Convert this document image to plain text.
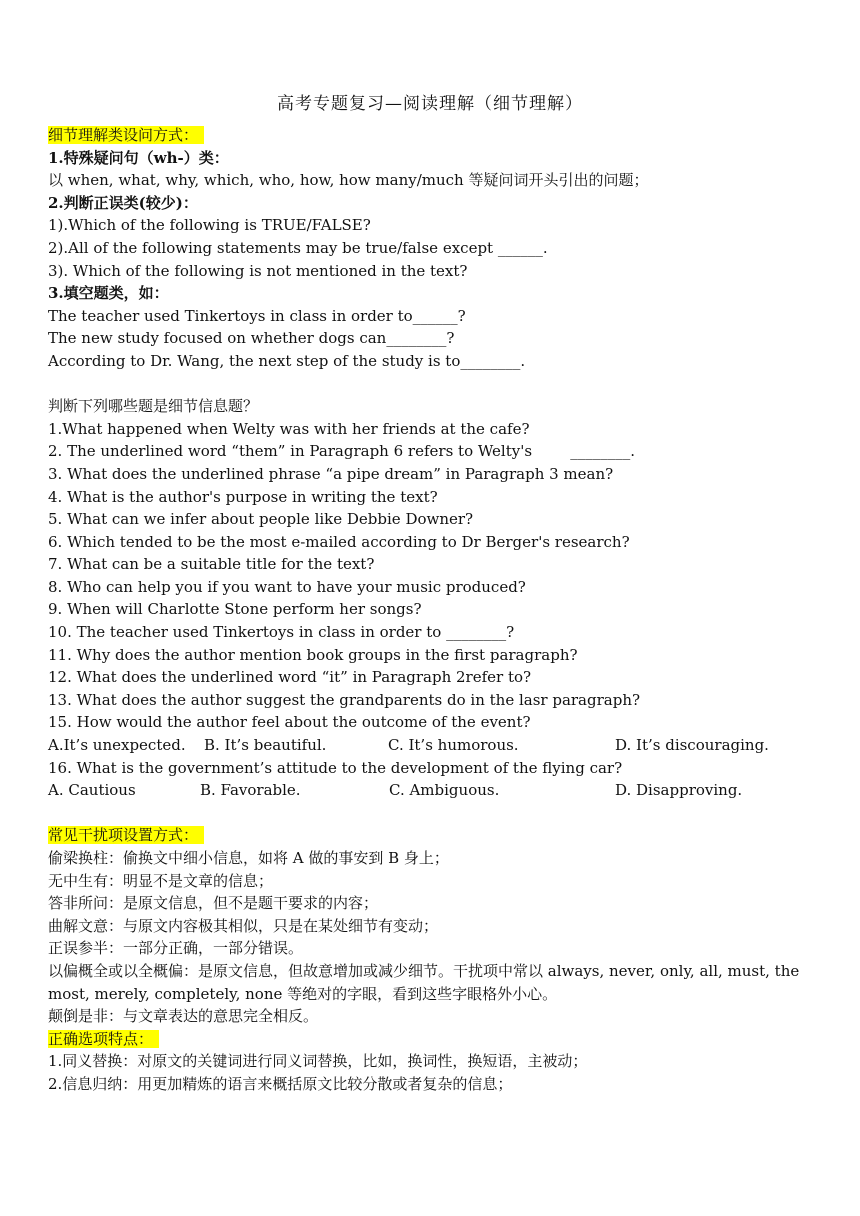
高考专题复习—阅读理解（细节理解）
细节理解类设问方式：
1.特殊疑问句（wh-）类：
以 when, what, why, which, who, how, how many/much 等疑问词开头引出的问题；
2.判断正误类(较少)：
1).Which of the following is TRUE/FALSE?
2).All of the following statements may be true/false except ______.
3). Which of the following is not mentioned in the text?
3.填空题类，如：
The teacher used Tinkertoys in class in order to______?
The new study focused on whether dogs can________?
According to Dr. Wang, the next step of the study is to________.
判断下列哪些题是细节信息题？
1.What happened when Welty was with her friends at the cafe?
2. The underlined word “them” in Paragraph 6 refers to Welty's        ________.
3. What does the underlined phrase “a pipe dream” in Paragraph 3 mean?
4. What is the author's purpose in writing the text?
5. What can we infer about people like Debbie Downer?
6. Which tended to be the most e-mailed according to Dr Berger's research?
7. What can be a suitable title for the text?
8. Who can help you if you want to have your music produced?
9. When will Charlotte Stone perform her songs?
10. The teacher used Tinkertoys in class in order to ________?
11. Why does the author mention book groups in the first paragraph?
12. What does the underlined word “it” in Paragraph 2refer to?
13. What does the author suggest the grandparents do in the lasr paragraph?
15. How would the author feel about the outcome of the event?
A.It’s unexpected. B. It’s beautiful.	C. It’s humorous.	D. It’s discouraging.
16. What is the government’s attitude to the development of the flying car?
A. Cautious	B. Favorable.	C. Ambiguous.	D. Disapproving.
常见干扰项设置方式：
偷梁换柱：偷换文中细小信息，如将 A 做的事安到 B 身上；
无中生有：明显不是文章的信息；
答非所问：是原文信息，但不是题干要求的内容；
曲解文意：与原文内容极其相似，只是在某处细节有变动；
正误参半：一部分正确，一部分错误。
以偏概全或以全概偏：是原文信息，但故意增加或减少细节。干扰项中常以 always, never, only, all, must, the most, merely, completely, none 等绝对的字眼，看到这些字眼格外小心。
颠倒是非：与文章表达的意思完全相反。
正确选项特点：
1.同义替换：对原文的关键词进行同义词替换，比如，换词性，换短语，主被动；
2.信息归纳：用更加精炼的语言来概括原文比较分散或者复杂的信息；
